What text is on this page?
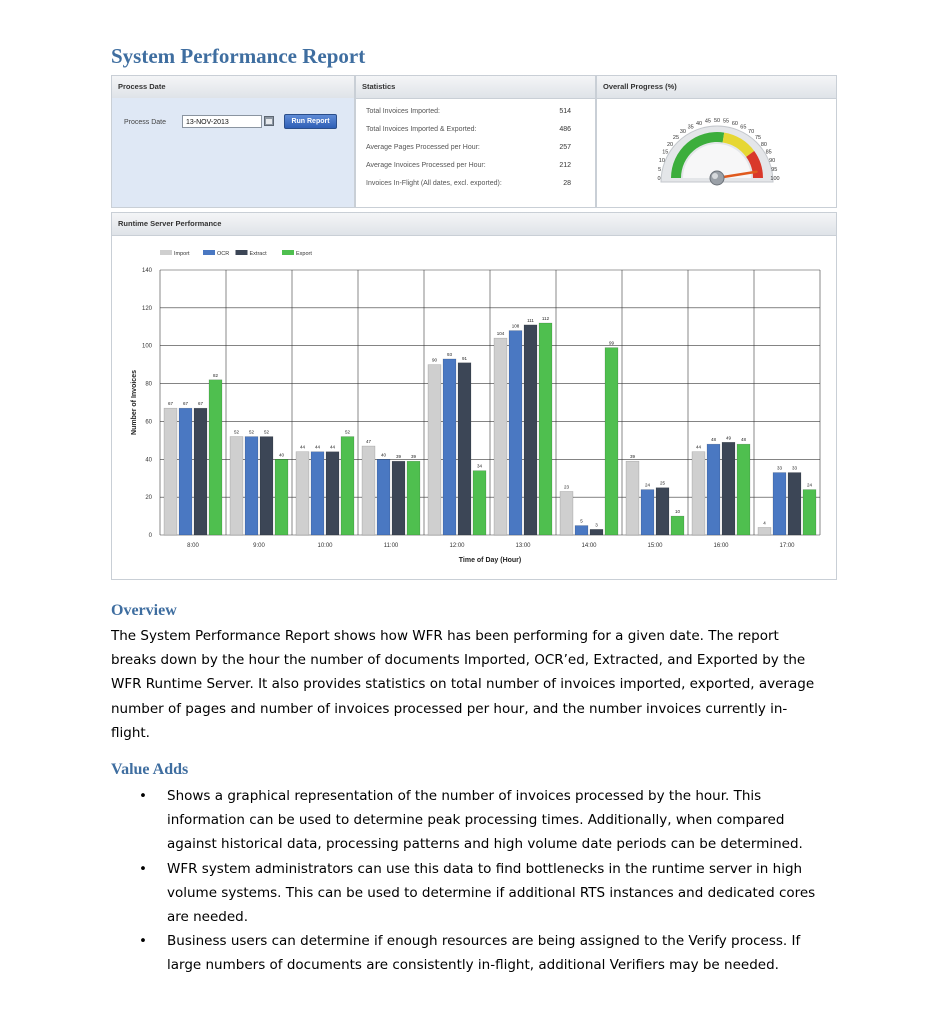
System Performance Report
Process Date
Process Date	13-NOV-2013	Run Report
Statistics
Total Invoices Imported:	514
Total Invoices Imported & Exported:	486
Average Pages Processed per Hour:	257
Average Invoices Processed per Hour:	212
Invoices In-Flight (All dates, excl. exported):	28
Overall Progress (%)
0
5
10
15
20
25
30
35
40 45 50 55 60
65
70
75
80
85
90
95
100
Runtime Server Performance
0
20
40
60
80
100
120
140
67 67 67
82
8:00
52 52 52
40
9:00
44 44 44
52
10:00
47
40 39 39
11:00
90
93
91
34
12:00
104
108
111 112
13:00
23
5
3
99
14:00
39
24 25
10
15:00
44
48 49 48
16:00
4
33 33
24
17:00
Time of Day (Hour)
Number of Invoices
Import	OCR	Extract	Export
Overview

The System Performance Report shows how WFR has been performing for a given date. The report
breaks down by the hour the number of documents Imported, OCR’ed, Extracted, and Exported by the
WFR Runtime Server. It also provides statistics on total number of invoices imported, exported, average
number of pages and number of invoices processed per hour, and the number invoices currently in-
flight.

Value Adds
• Shows a graphical representation of the number of invoices processed by the hour. This
information can be used to determine peak processing times. Additionally, when compared
against historical data, processing patterns and high volume date periods can be determined.
• WFR system administrators can use this data to find bottlenecks in the runtime server in high
volume systems. This can be used to determine if additional RTS instances and dedicated cores
are needed.
• Business users can determine if enough resources are being assigned to the Verify process. If
large numbers of documents are consistently in-flight, additional Verifiers may be needed.
